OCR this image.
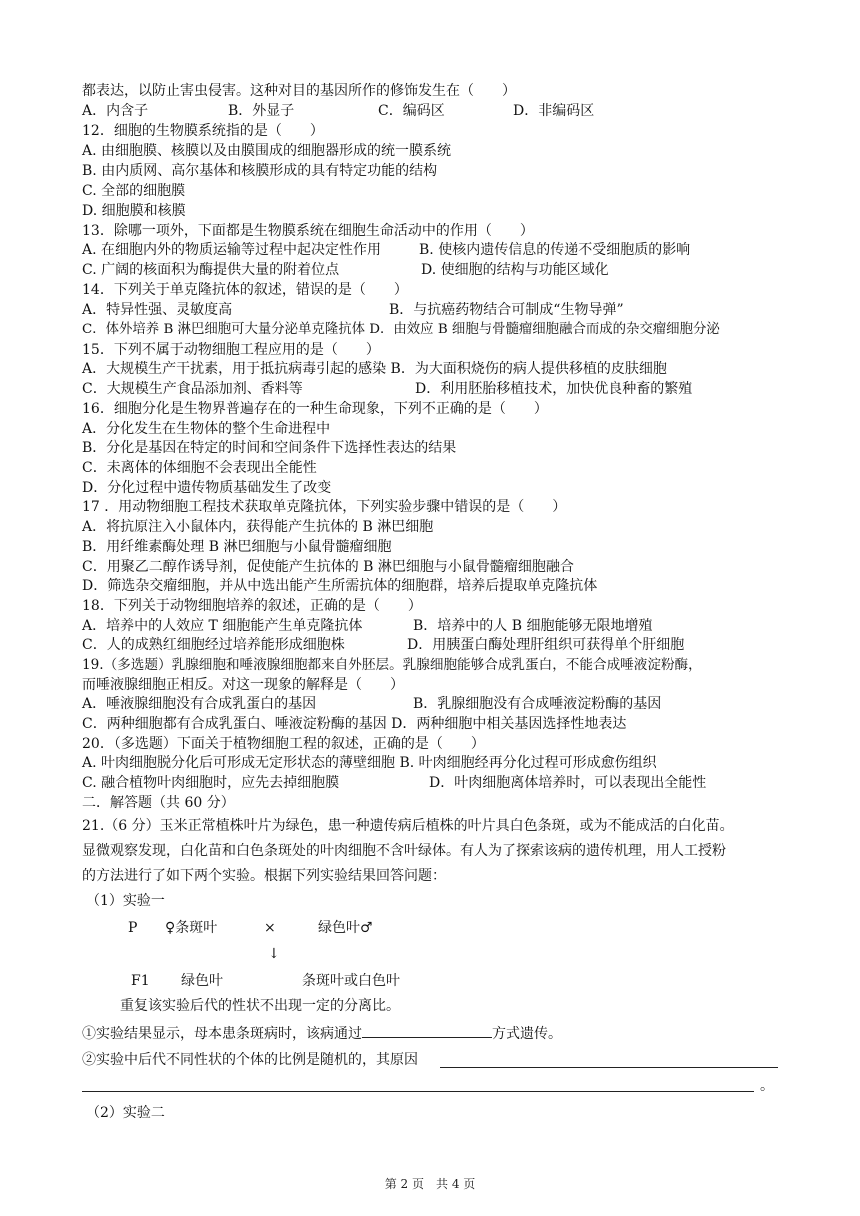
都表达，以防止害虫侵害。这种对目的基因所作的修饰发生在（　　）
A．内含子	B．外显子	C．编码区	D．非编码区
12．细胞的生物膜系统指的是（　　）
A. 由细胞膜、核膜以及由膜围成的细胞器形成的统一膜系统
B. 由内质网、高尔基体和核膜形成的具有特定功能的结构
C. 全部的细胞膜
D. 细胞膜和核膜
13．除哪一项外，下面都是生物膜系统在细胞生命活动中的作用（　　）
A. 在细胞内外的物质运输等过程中起决定性作用	B. 使核内遗传信息的传递不受细胞质的影响
C. 广阔的核面积为酶提供大量的附着位点	D. 使细胞的结构与功能区域化
14．下列关于单克隆抗体的叙述，错误的是（　　）
A．特异性强、灵敏度高	B．与抗癌药物结合可制成“生物导弹”
C．体外培养 B 淋巴细胞可大量分泌单克隆抗体 D．由效应 B 细胞与骨髓瘤细胞融合而成的杂交瘤细胞分泌
15．下列不属于动物细胞工程应用的是（　　）
A．大规模生产干扰素，用于抵抗病毒引起的感染 B．为大面积烧伤的病人提供移植的皮肤细胞
C．大规模生产食品添加剂、香料等	D．利用胚胎移植技术，加快优良种畜的繁殖
16．细胞分化是生物界普遍存在的一种生命现象，下列不正确的是（　　）
A．分化发生在生物体的整个生命进程中
B．分化是基因在特定的时间和空间条件下选择性表达的结果
C．未离体的体细胞不会表现出全能性
D．分化过程中遗传物质基础发生了改变
17 ．用动物细胞工程技术获取单克隆抗体，下列实验步骤中错误的是（　　）
A．将抗原注入小鼠体内，获得能产生抗体的 B 淋巴细胞
B．用纤维素酶处理 B 淋巴细胞与小鼠骨髓瘤细胞
C．用聚乙二醇作诱导剂，促使能产生抗体的 B 淋巴细胞与小鼠骨髓瘤细胞融合
D．筛选杂交瘤细胞，并从中选出能产生所需抗体的细胞群，培养后提取单克隆抗体
18．下列关于动物细胞培养的叙述，正确的是（　　）
A．培养中的人效应 T 细胞能产生单克隆抗体	B．培养中的人 B 细胞能够无限地增殖
C．人的成熟红细胞经过培养能形成细胞株	D．用胰蛋白酶处理肝组织可获得单个肝细胞
19.（多选题）乳腺细胞和唾液腺细胞都来自外胚层。乳腺细胞能够合成乳蛋白，不能合成唾液淀粉酶，
而唾液腺细胞正相反。对这一现象的解释是（　　）
A．唾液腺细胞没有合成乳蛋白的基因	B．乳腺细胞没有合成唾液淀粉酶的基因
C．两种细胞都有合成乳蛋白、唾液淀粉酶的基因 D．两种细胞中相关基因选择性地表达
20．（多选题）下面关于植物细胞工程的叙述，正确的是（　　）
A. 叶肉细胞脱分化后可形成无定形状态的薄壁细胞 B. 叶肉细胞经再分化过程可形成愈伤组织
C. 融合植物叶肉细胞时，应先去掉细胞膜	D．叶肉细胞离体培养时，可以表现出全能性
二．解答题（共 60 分）
21.（6 分）玉米正常植株叶片为绿色，患一种遗传病后植株的叶片具白色条斑，或为不能成活的白化苗。
显微观察发现，白化苗和白色条斑处的叶肉细胞不含叶绿体。有人为了探索该病的遗传机理，用人工授粉
的方法进行了如下两个实验。根据下列实验结果回答问题：
（1）实验一
P ♀条斑叶	×	绿色叶♂
↓
F1 绿色叶	条斑叶或白色叶
重复该实验后代的性状不出现一定的分离比。
①实验结果显示，母本患条斑病时，该病通过	方式遗传。
②实验中后代不同性状的个体的比例是随机的，其原因
。
（2）实验二
第 2 页　共 4 页
